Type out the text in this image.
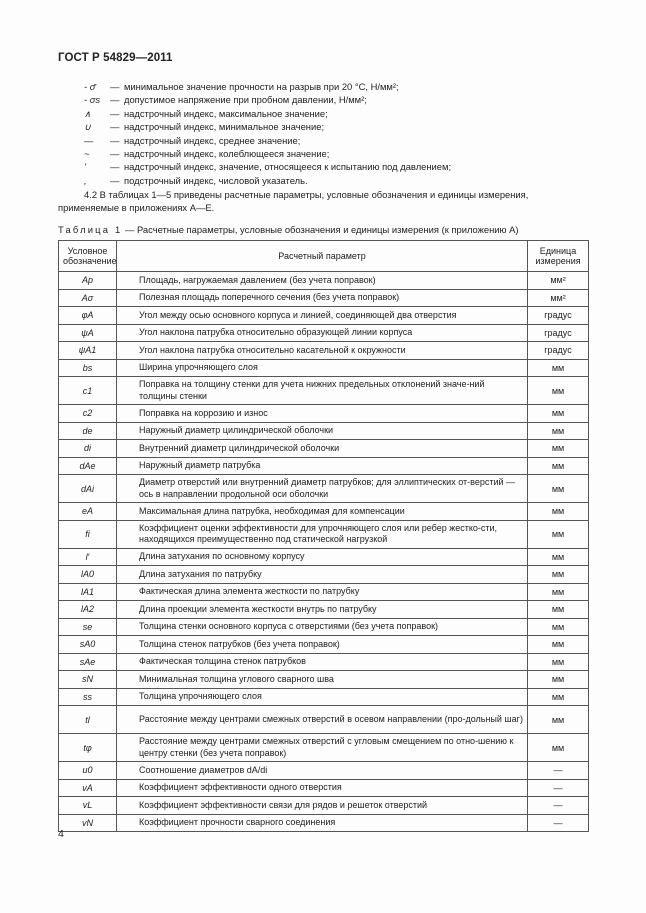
ГОСТ Р 54829—2011
- σ̄	— минимальное значение прочности на разрыв при 20 °С, Н/мм²;
- σs	— допустимое напряжение при пробном давлении, Н/мм²;
∧	— надстрочный индекс, максимальное значение;
∪	— надстрочный индекс, минимальное значение;
—	— надстрочный индекс, среднее значение;
~	— надстрочный индекс, колеблющееся значение;
’	— надстрочный индекс, значение, относящееся к испытанию под давлением;
,	— подстрочный индекс, числовой указатель.
4.2 В таблицах 1—5 приведены расчетные параметры, условные обозначения и единицы измерения,
применяемые в приложениях А—Е.
Таблица 1 — Расчетные параметры, условные обозначения и единицы измерения (к приложению А)
Условное
обозначение	Расчетный параметр	Единица
измерения
Ap	Площадь, нагружаемая давлением (без учета поправок)	мм²
Aσ	Полезная площадь поперечного сечения (без учета поправок)	мм²
φA	Угол между осью основного корпуса и линией, соединяющей два отверстия	градус
ψA	Угол наклона патрубка относительно образующей линии корпуса	градус
ψA1	Угол наклона патрубка относительно касательной к окружности	градус
bs	Ширина упрочняющего слоя	мм
c1	Поправка на толщину стенки для учета нижних предельных отклонений значе-ний толщины стенки	мм
c2	Поправка на коррозию и износ	мм
de	Наружный диаметр цилиндрической оболочки	мм
di	Внутренний диаметр цилиндрической оболочки	мм
dAe	Наружный диаметр патрубка	мм
dAi	Диаметр отверстий или внутренний диаметр патрубков; для эллиптических от-верстий — ось в направлении продольной оси оболочки	мм
eA	Максимальная длина патрубка, необходимая для компенсации	мм
fi	Коэффициент оценки эффективности для упрочняющего слоя или ребер жестко-сти, находящихся преимущественно под статической нагрузкой	мм
l′	Длина затухания по основному корпусу	мм
lA0	Длина затухания по патрубку	мм
lA1	Фактическая длина элемента жесткости по патрубку	мм
lA2	Длина проекции элемента жесткости внутрь по патрубку	мм
se	Толщина стенки основного корпуса с отверстиями (без учета поправок)	мм
sA0	Толщина стенок патрубков (без учета поправок)	мм
sAe	Фактическая толщина стенок патрубков	мм
sN	Минимальная толщина углового сварного шва	мм
ss	Толщина упрочняющего слоя	мм
tl	Расстояние между центрами смежных отверстий в осевом направлении (про-дольный шаг)	мм
tφ	Расстояние между центрами смежных отверстий с угловым смещением по отно-шению к центру стенки (без учета поправок)	мм
u0	Соотношение диаметров dA/di	—
vA	Коэффициент эффективности одного отверстия	—
vL	Коэффициент эффективности связи для рядов и решеток отверстий	—
vN	Коэффициент прочности сварного соединения	—
4
